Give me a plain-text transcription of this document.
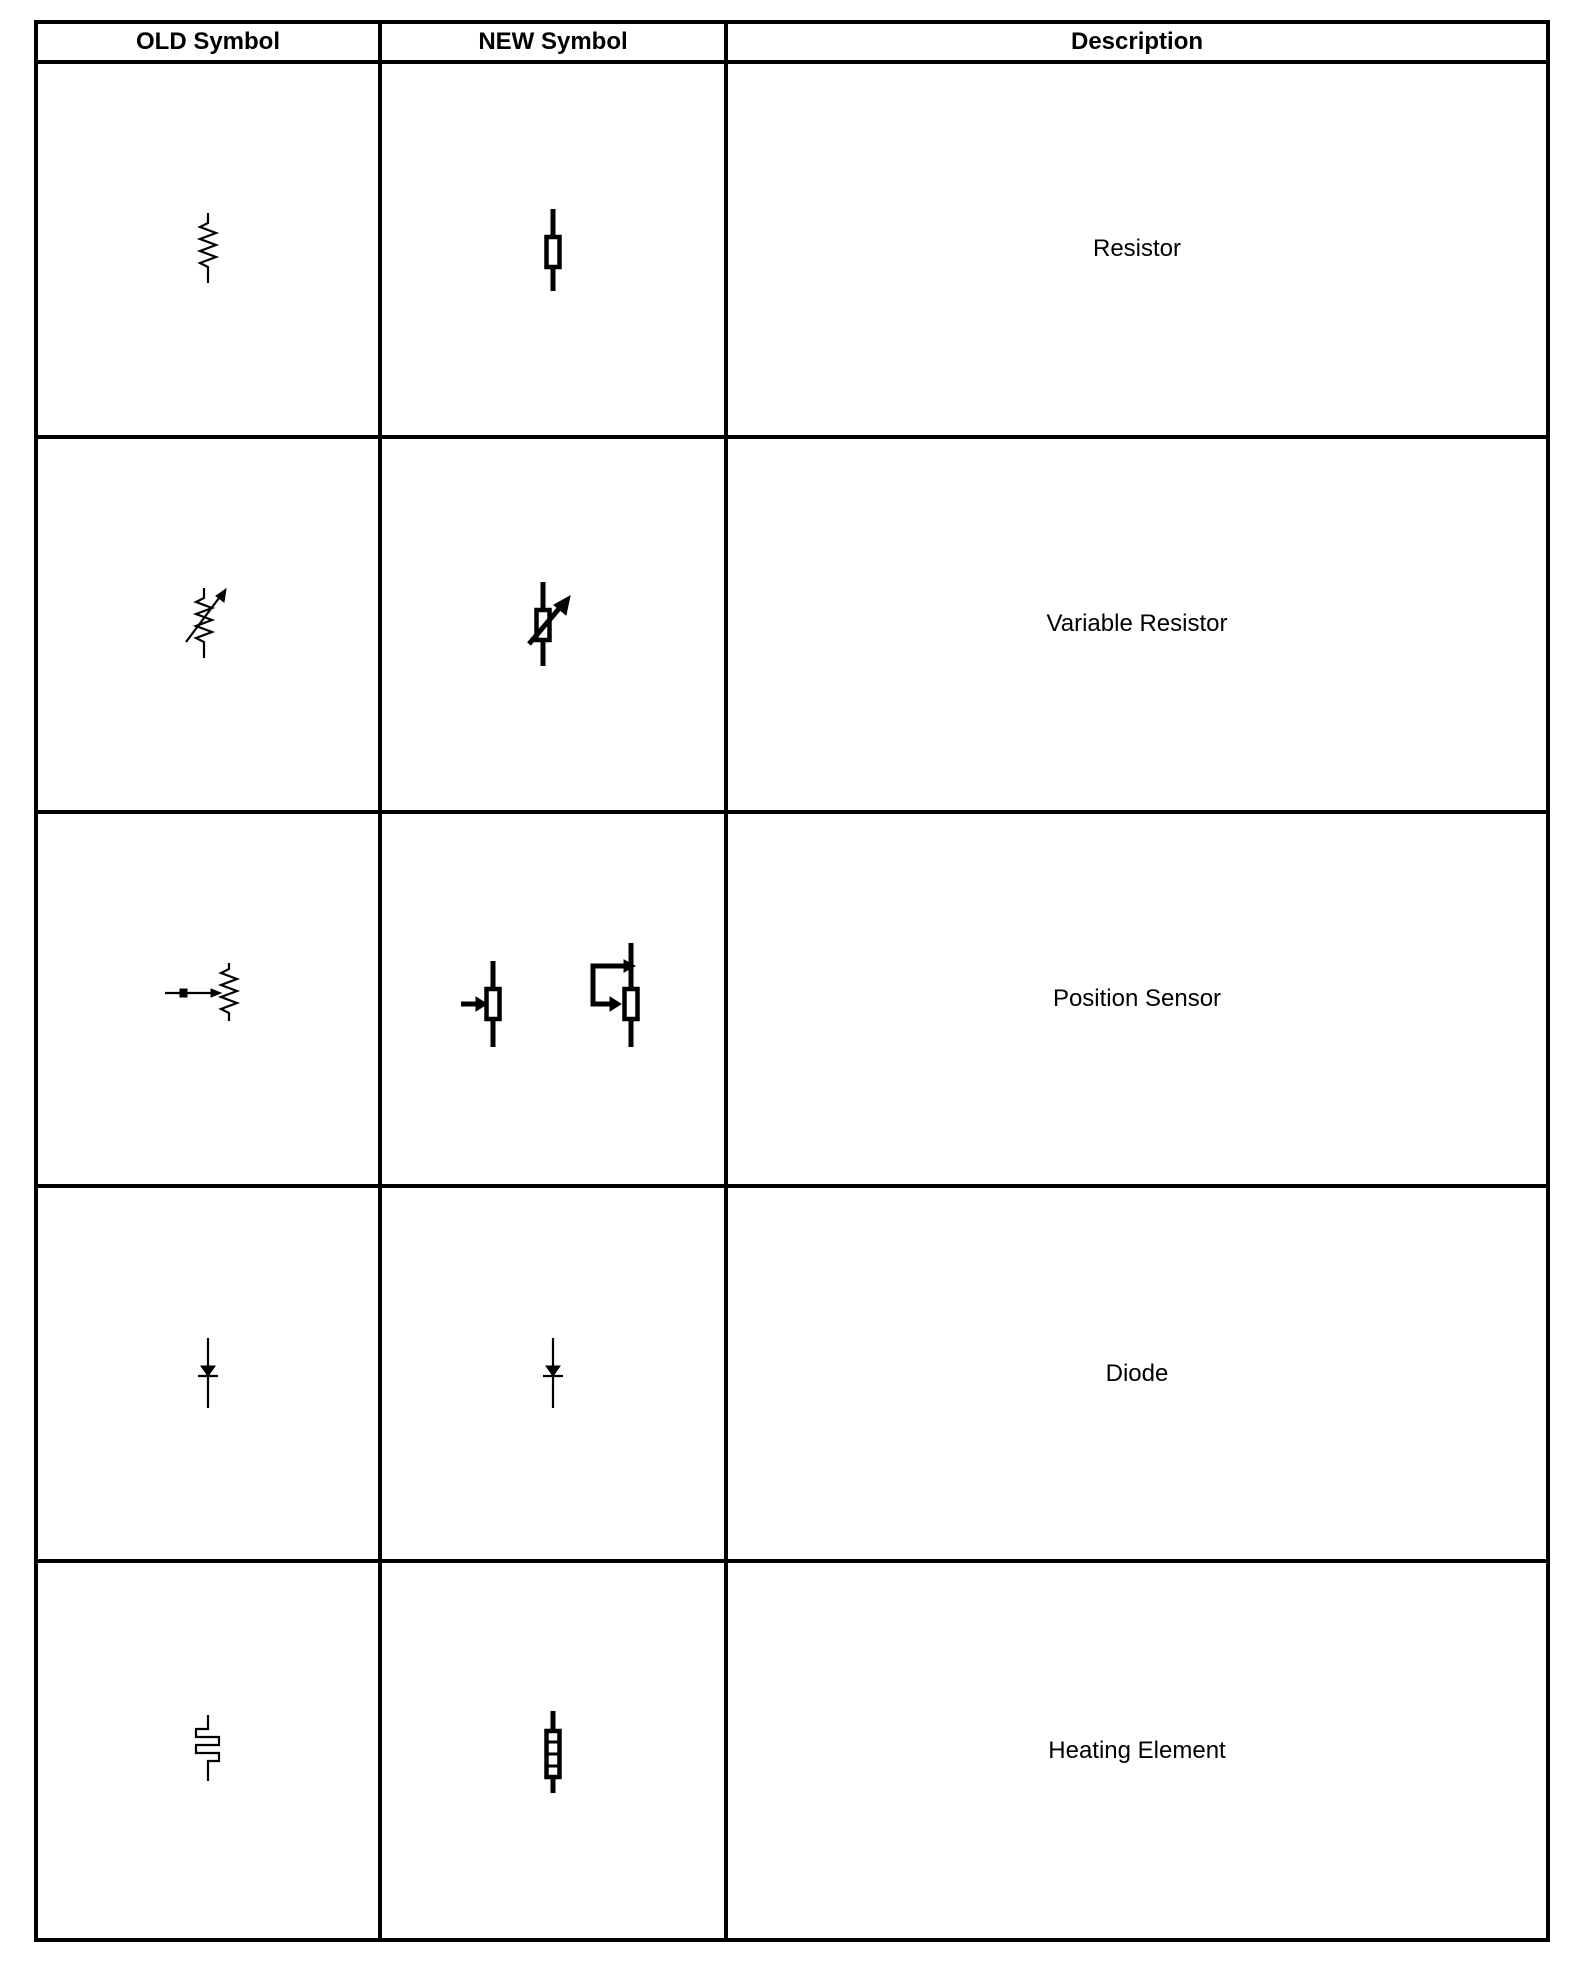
OLD Symbol	NEW Symbol	Description
Resistor
Variable Resistor
Position Sensor
Diode
Heating Element
